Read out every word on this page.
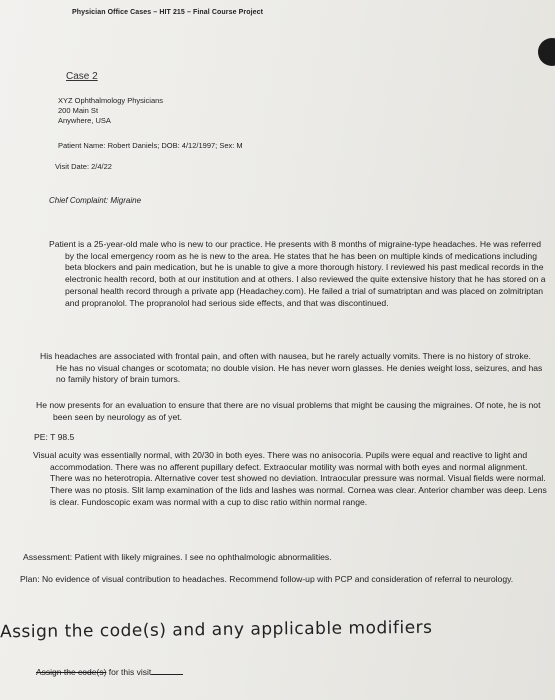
Physician Office Cases – HIT 215 – Final Course Project
Case 2
XYZ Ophthalmology Physicians
200 Main St
Anywhere, USA
Patient Name: Robert Daniels; DOB: 4/12/1997; Sex: M
Visit Date: 2/4/22
Chief Complaint: Migraine

Patient is a 25-year-old male who is new to our practice. He presents with 8 months of migraine-type headaches. He was referred by the local emergency room as he is new to the area. He states that he has been on multiple kinds of medications including beta blockers and pain medication, but he is unable to give a more thorough history. I reviewed his past medical records in the electronic health record, both at our institution and at others. I also reviewed the quite extensive history that he has stored on a personal health record through a private app (Headachey.com). He failed a trial of sumatriptan and was placed on zolmitriptan and propranolol. The propranolol had serious side effects, and that was discontinued.

His headaches are associated with frontal pain, and often with nausea, but he rarely actually vomits. There is no history of stroke. He has no visual changes or scotomata; no double vision. He has never worn glasses. He denies weight loss, seizures, and has no family history of brain tumors.

He now presents for an evaluation to ensure that there are no visual problems that might be causing the migraines. Of note, he is not been seen by neurology as of yet.

PE: T 98.5

Visual acuity was essentially normal, with 20/30 in both eyes. There was no anisocoria. Pupils were equal and reactive to light and accommodation. There was no afferent pupillary defect. Extraocular motility was normal with both eyes and normal alignment. There was no heterotropia. Alternative cover test showed no deviation. Intraocular pressure was normal. Visual fields were normal. There was no ptosis. Slit lamp examination of the lids and lashes was normal. Cornea was clear. Anterior chamber was deep. Lens is clear. Fundoscopic exam was normal with a cup to disc ratio within normal range.

Assessment: Patient with likely migraines. I see no ophthalmologic abnormalities.

Plan: No evidence of visual contribution to headaches. Recommend follow-up with PCP and consideration of referral to neurology.

Assign the code(s) and any applicable modifiers
Assign the code(s) for this visit
